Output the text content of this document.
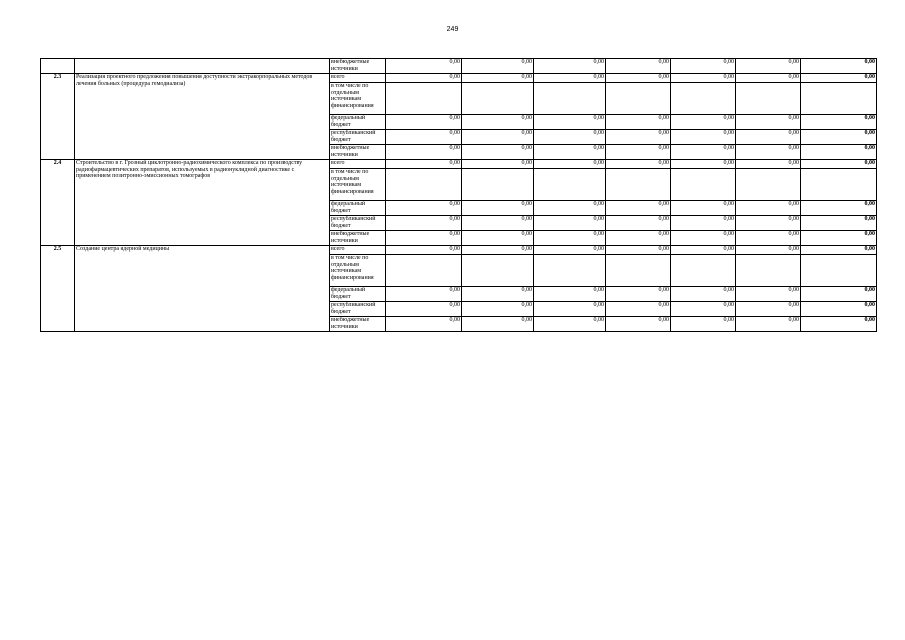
249
		внебюджетные источники	0,00	0,00	0,00	0,00	0,00	0,00	0,00
2.3	Реализация проектного предложения повышения доступности экстракорпоральных методов лечения больных (процедура гемодиализа)	всего	0,00	0,00	0,00	0,00	0,00	0,00	0,00
		в том числе по отдельным источникам финансирования							
		федеральный бюджет	0,00	0,00	0,00	0,00	0,00	0,00	0,00
		республиканский бюджет	0,00	0,00	0,00	0,00	0,00	0,00	0,00
		внебюджетные источники	0,00	0,00	0,00	0,00	0,00	0,00	0,00
2.4	Строительство в г. Грозный циклотронно-радиохимического комплекса по производству радиофармацевтических препаратов, используемых в радионуклидной диагностике с применением позитронно-эмиссионных томографов	всего	0,00	0,00	0,00	0,00	0,00	0,00	0,00
		в том числе по отдельным источникам финансирования							
		федеральный бюджет	0,00	0,00	0,00	0,00	0,00	0,00	0,00
		республиканский бюджет	0,00	0,00	0,00	0,00	0,00	0,00	0,00
		внебюджетные источники	0,00	0,00	0,00	0,00	0,00	0,00	0,00
2.5	Создание центра ядерной медицины	всего	0,00	0,00	0,00	0,00	0,00	0,00	0,00
		в том числе по отдельным источникам финансирования							
		федеральный бюджет	0,00	0,00	0,00	0,00	0,00	0,00	0,00
		республиканский бюджет	0,00	0,00	0,00	0,00	0,00	0,00	0,00
		внебюджетные источники	0,00	0,00	0,00	0,00	0,00	0,00	0,00
